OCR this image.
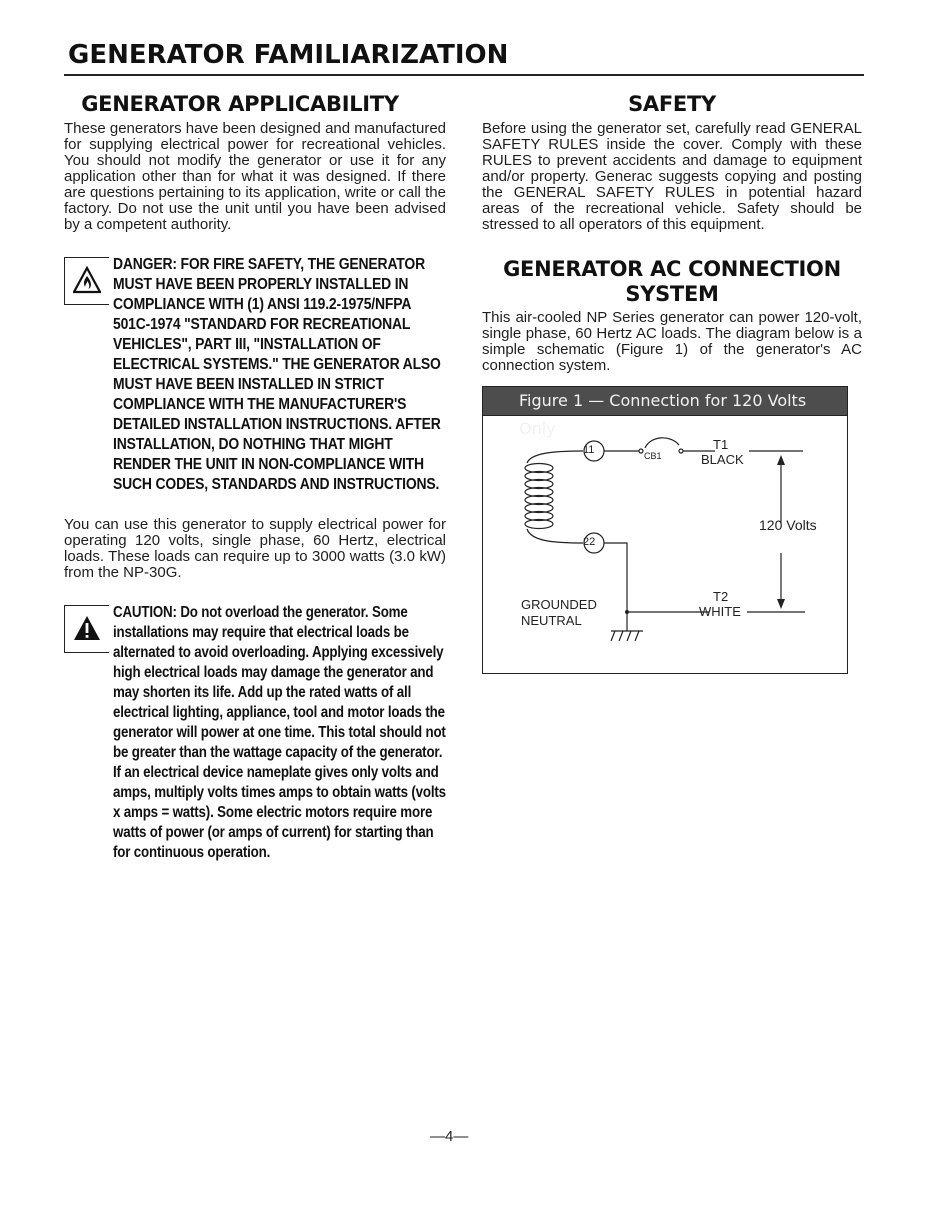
GENERATOR FAMILIARIZATION
GENERATOR APPLICABILITY

These generators have been designed and manufactured for supplying electrical power for recreational vehicles. You should not modify the generator or use it for any application other than for what it was designed. If there are questions pertaining to its application, write or call the factory. Do not use the unit until you have been advised by a competent authority.

DANGER: FOR FIRE SAFETY, THE GENERATOR MUST HAVE BEEN PROPERLY INSTALLED IN COMPLIANCE WITH (1) ANSI 119.2-1975/NFPA 501C-1974 "STANDARD FOR RECREATIONAL VEHICLES", PART III, "INSTALLATION OF ELECTRICAL SYSTEMS." THE GENERATOR ALSO MUST HAVE BEEN INSTALLED IN STRICT COMPLIANCE WITH THE MANUFACTURER'S DETAILED INSTALLATION INSTRUCTIONS. AFTER INSTALLATION, DO NOTHING THAT MIGHT RENDER THE UNIT IN NON-COMPLIANCE WITH SUCH CODES, STANDARDS AND INSTRUCTIONS.

You can use this generator to supply electrical power for operating 120 volts, single phase, 60 Hertz, electrical loads. These loads can require up to 3000 watts (3.0 kW) from the NP-30G.

CAUTION: Do not overload the generator. Some installations may require that electrical loads be alternated to avoid overloading. Applying excessively high electrical loads may damage the generator and may shorten its life. Add up the rated watts of all electrical lighting, appliance, tool and motor loads the generator will power at one time. This total should not be greater than the wattage capacity of the generator. If an electrical device nameplate gives only volts and amps, multiply volts times amps to obtain watts (volts x amps = watts). Some electric motors require more watts of power (or amps of current) for starting than for continuous operation.
SAFETY

Before using the generator set, carefully read GENERAL SAFETY RULES inside the cover. Comply with these RULES to prevent accidents and damage to equipment and/or property. Generac suggests copying and posting the GENERAL SAFETY RULES in potential hazard areas of the recreational vehicle. Safety should be stressed to all operators of this equipment.

GENERATOR AC CONNECTION
SYSTEM

This air-cooled NP Series generator can power 120-volt, single phase, 60 Hertz AC loads. The diagram below is a simple schematic (Figure 1) of the generator's AC connection system.

Figure 1 — Connection for 120 Volts Only
11
22
CB1
T1
BLACK
120 Volts
T2
WHITE
GROUNDED
NEUTRAL
—4—
